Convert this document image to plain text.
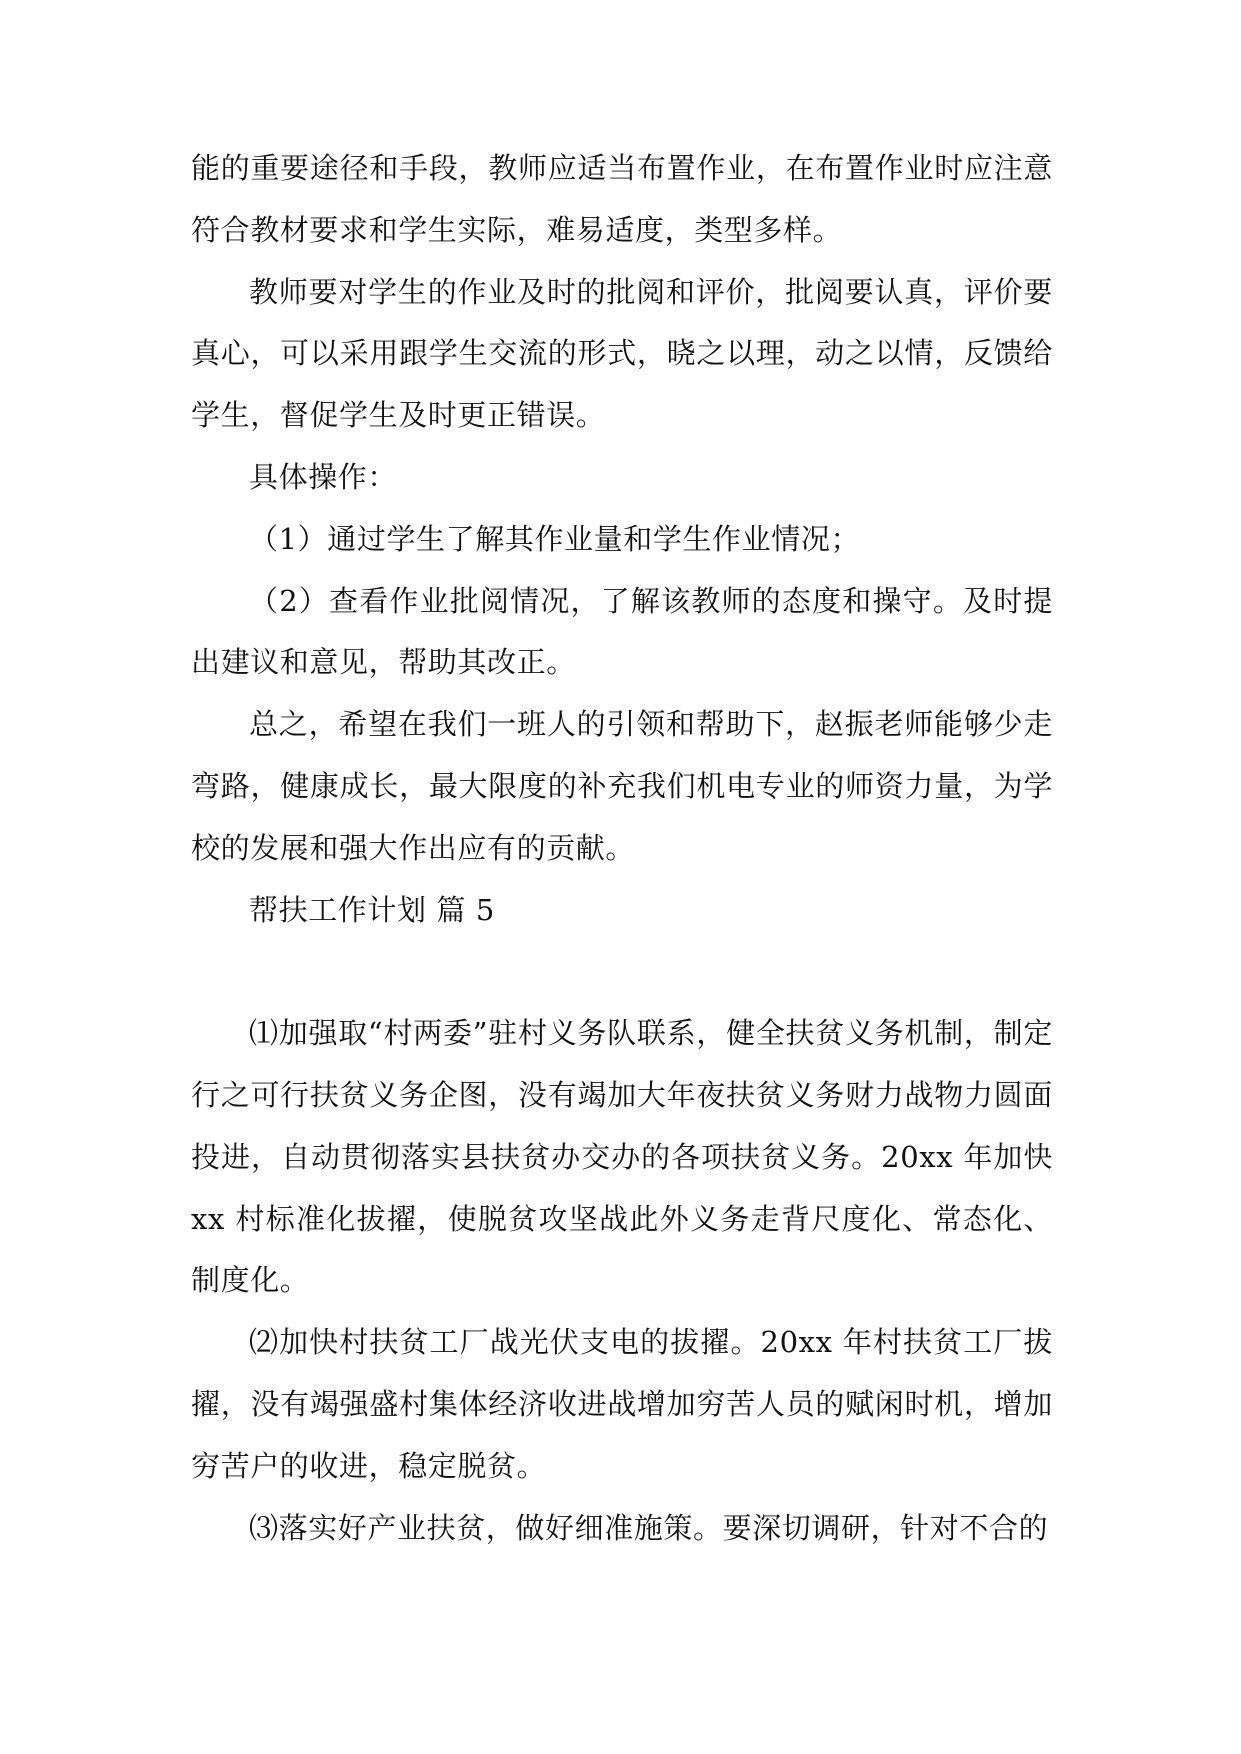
能的重要途径和手段，教师应适当布置作业，在布置作业时应注意符合教材要求和学生实际，难易适度，类型多样。

教师要对学生的作业及时的批阅和评价，批阅要认真，评价要真心，可以采用跟学生交流的形式，晓之以理，动之以情，反馈给学生，督促学生及时更正错误。

具体操作：

（1）通过学生了解其作业量和学生作业情况；

（2）查看作业批阅情况，了解该教师的态度和操守。及时提出建议和意见，帮助其改正。

总之，希望在我们一班人的引领和帮助下，赵振老师能够少走弯路，健康成长，最大限度的补充我们机电专业的师资力量，为学校的发展和强大作出应有的贡献。

帮扶工作计划 篇 5

⑴加强取“村两委”驻村义务队联系，健全扶贫义务机制，制定行之可行扶贫义务企图，没有竭加大年夜扶贫义务财力战物力圆面投进，自动贯彻落实县扶贫办交办的各项扶贫义务。20xx 年加快 xx 村标准化拔擢，使脱贫攻坚战此外义务走背尺度化、常态化、制度化。

⑵加快村扶贫工厂战光伏支电的拔擢。20xx 年村扶贫工厂拔擢，没有竭强盛村集体经济收进战增加穷苦人员的赋闲时机，增加穷苦户的收进，稳定脱贫。

⑶落实好产业扶贫，做好细准施策。要深切调研，针对不合的
